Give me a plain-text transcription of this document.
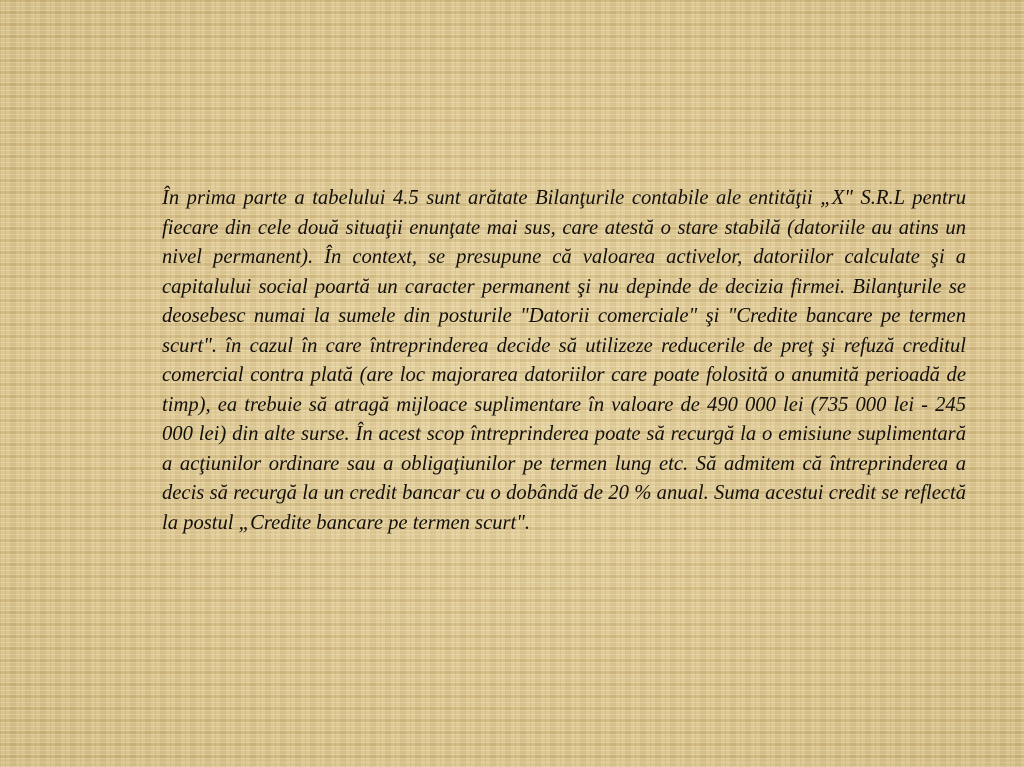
În prima parte a tabelului 4.5 sunt arătate Bilanţurile contabile ale entităţii „X" S.R.L pentru fiecare din cele două situaţii enunţate mai sus, care atestă o stare stabilă (datoriile au atins un nivel permanent). În context, se presupune că valoarea activelor, datoriilor calculate şi a capitalului social poartă un caracter permanent şi nu depinde de decizia firmei. Bilanţurile se deosebesc numai la sumele din posturile "Datorii comerciale" şi "Credite bancare pe termen scurt". în cazul în care întreprinderea decide să utilizeze reducerile de preţ şi refuză creditul comercial contra plată (are loc majorarea datoriilor care poate folosită o anumită perioadă de timp), ea trebuie să atragă mijloace suplimentare în valoare de 490 000 lei (735 000 lei - 245 000 lei) din alte surse. În acest scop întreprinderea poate să recurgă la o emisiune suplimentară a acţiunilor ordinare sau a obligaţiunilor pe termen lung etc. Să admitem că întreprinderea a decis să recurgă la un credit bancar cu o dobândă de 20 % anual. Suma acestui credit se reflectă la postul „Credite bancare pe termen scurt".
